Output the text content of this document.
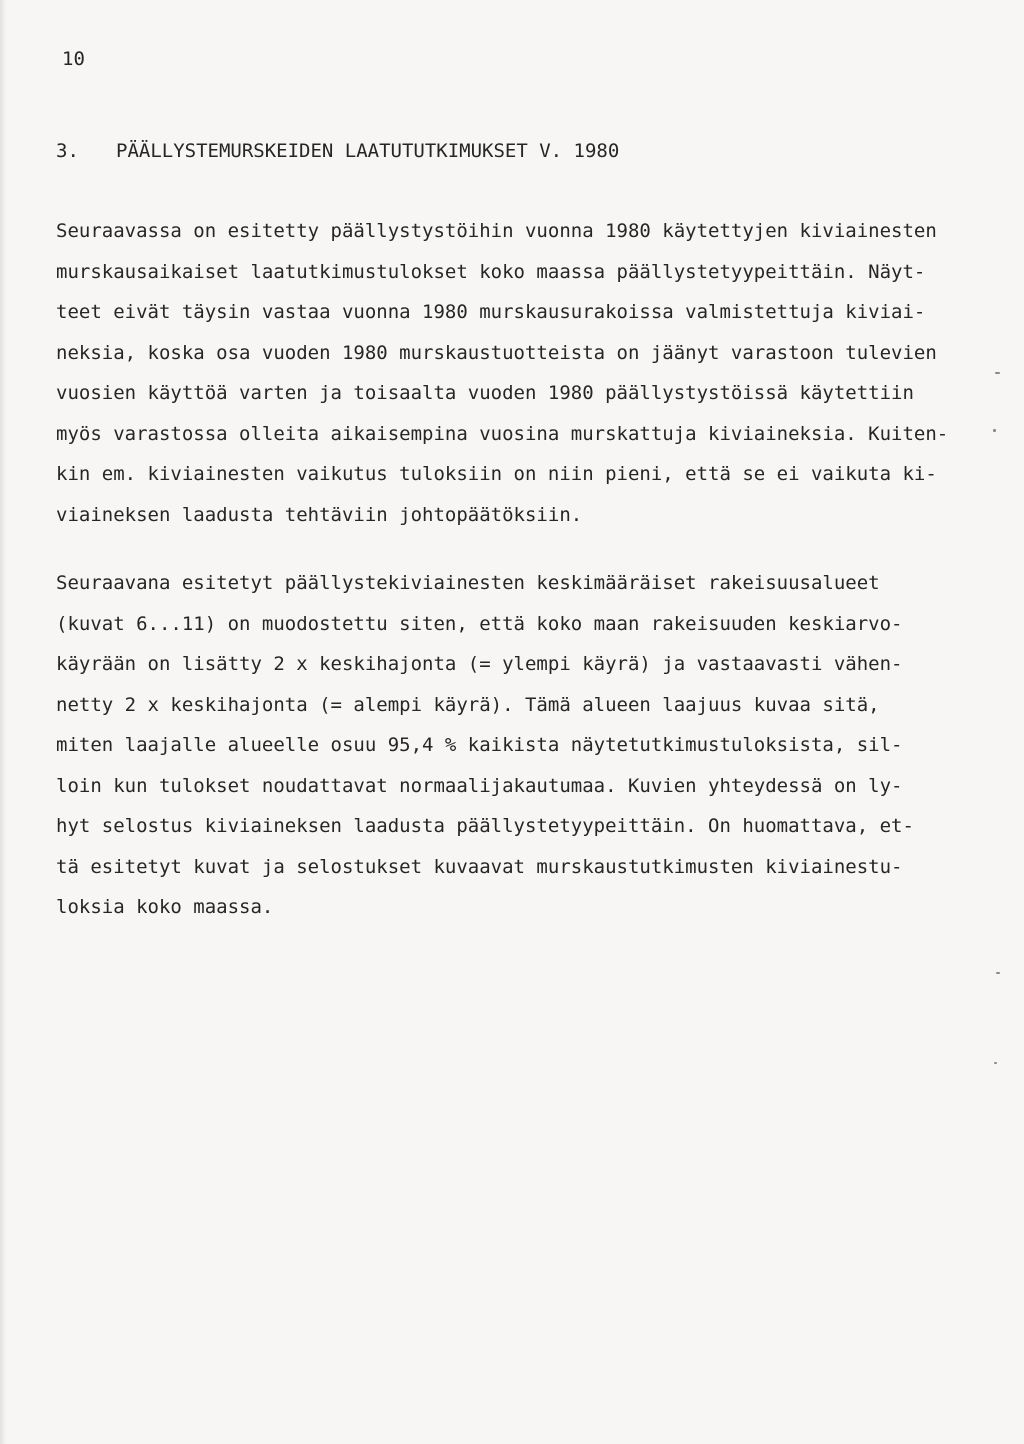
10
3. PÄÄLLYSTEMURSKEIDEN LAATUTUTKIMUKSET V. 1980
Seuraavassa on esitetty päällystystöihin vuonna 1980 käytettyjen kiviainesten
murskausaikaiset laatutkimustulokset koko maassa päällystetyypeittäin. Näyt-
teet eivät täysin vastaa vuonna 1980 murskausurakoissa valmistettuja kiviai-
neksia, koska osa vuoden 1980 murskaustuotteista on jäänyt varastoon tulevien
vuosien käyttöä varten ja toisaalta vuoden 1980 päällystystöissä käytettiin
myös varastossa olleita aikaisempina vuosina murskattuja kiviaineksia. Kuiten-
kin em. kiviainesten vaikutus tuloksiin on niin pieni, että se ei vaikuta ki-
viaineksen laadusta tehtäviin johtopäätöksiin.
Seuraavana esitetyt päällystekiviainesten keskimääräiset rakeisuusalueet
(kuvat 6...11) on muodostettu siten, että koko maan rakeisuuden keskiarvo-
käyrään on lisätty 2 x keskihajonta (= ylempi käyrä) ja vastaavasti vähen-
netty 2 x keskihajonta (= alempi käyrä). Tämä alueen laajuus kuvaa sitä,
miten laajalle alueelle osuu 95,4 % kaikista näytetutkimustuloksista, sil-
loin kun tulokset noudattavat normaalijakautumaa. Kuvien yhteydessä on ly-
hyt selostus kiviaineksen laadusta päällystetyypeittäin. On huomattava, et-
tä esitetyt kuvat ja selostukset kuvaavat murskaustutkimusten kiviainestu-
loksia koko maassa.
